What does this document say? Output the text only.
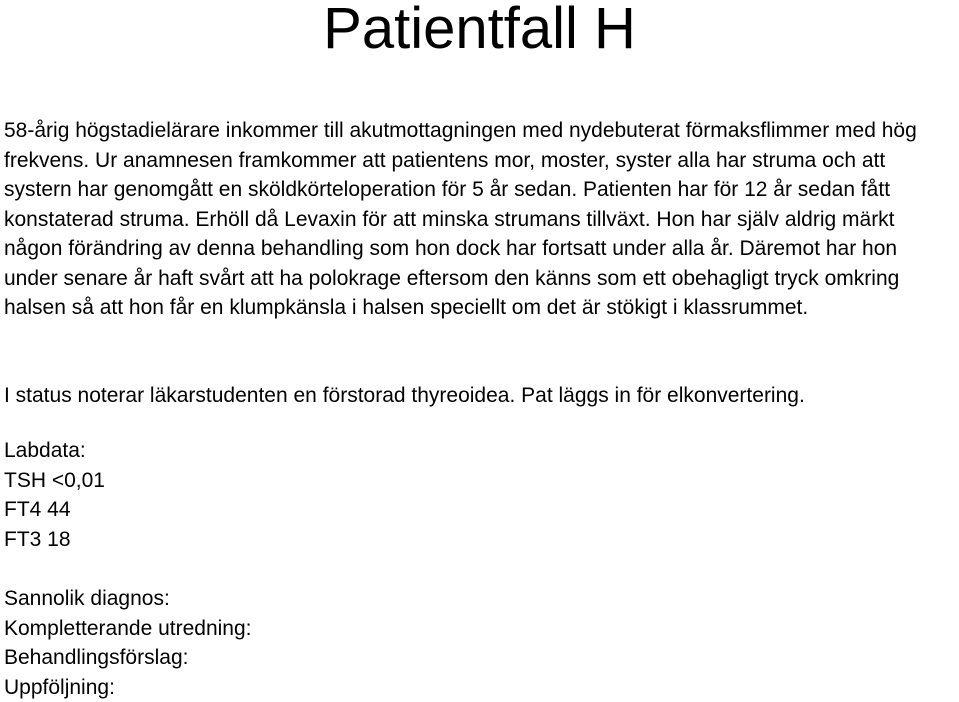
Patientfall H

58-årig högstadielärare inkommer till akutmottagningen med nydebuterat förmaksflimmer med hög frekvens. Ur anamnesen framkommer att patientens mor, moster, syster alla har struma och att systern har genomgått en sköldkörteloperation för 5 år sedan. Patienten har för 12 år sedan fått konstaterad struma. Erhöll då Levaxin för att minska strumans tillväxt. Hon har själv aldrig märkt någon förändring av denna behandling som hon dock har fortsatt under alla år. Däremot har hon under senare år haft svårt att ha polokrage eftersom den känns som ett obehagligt tryck omkring halsen så att hon får en klumpkänsla i halsen speciellt om det är stökigt i klassrummet.

I status noterar läkarstudenten en förstorad thyreoidea. Pat läggs in för elkonvertering.

Labdata:
TSH <0,01
FT4 44
FT3 18
Sannolik diagnos:
Kompletterande utredning:
Behandlingsförslag:
Uppföljning:
